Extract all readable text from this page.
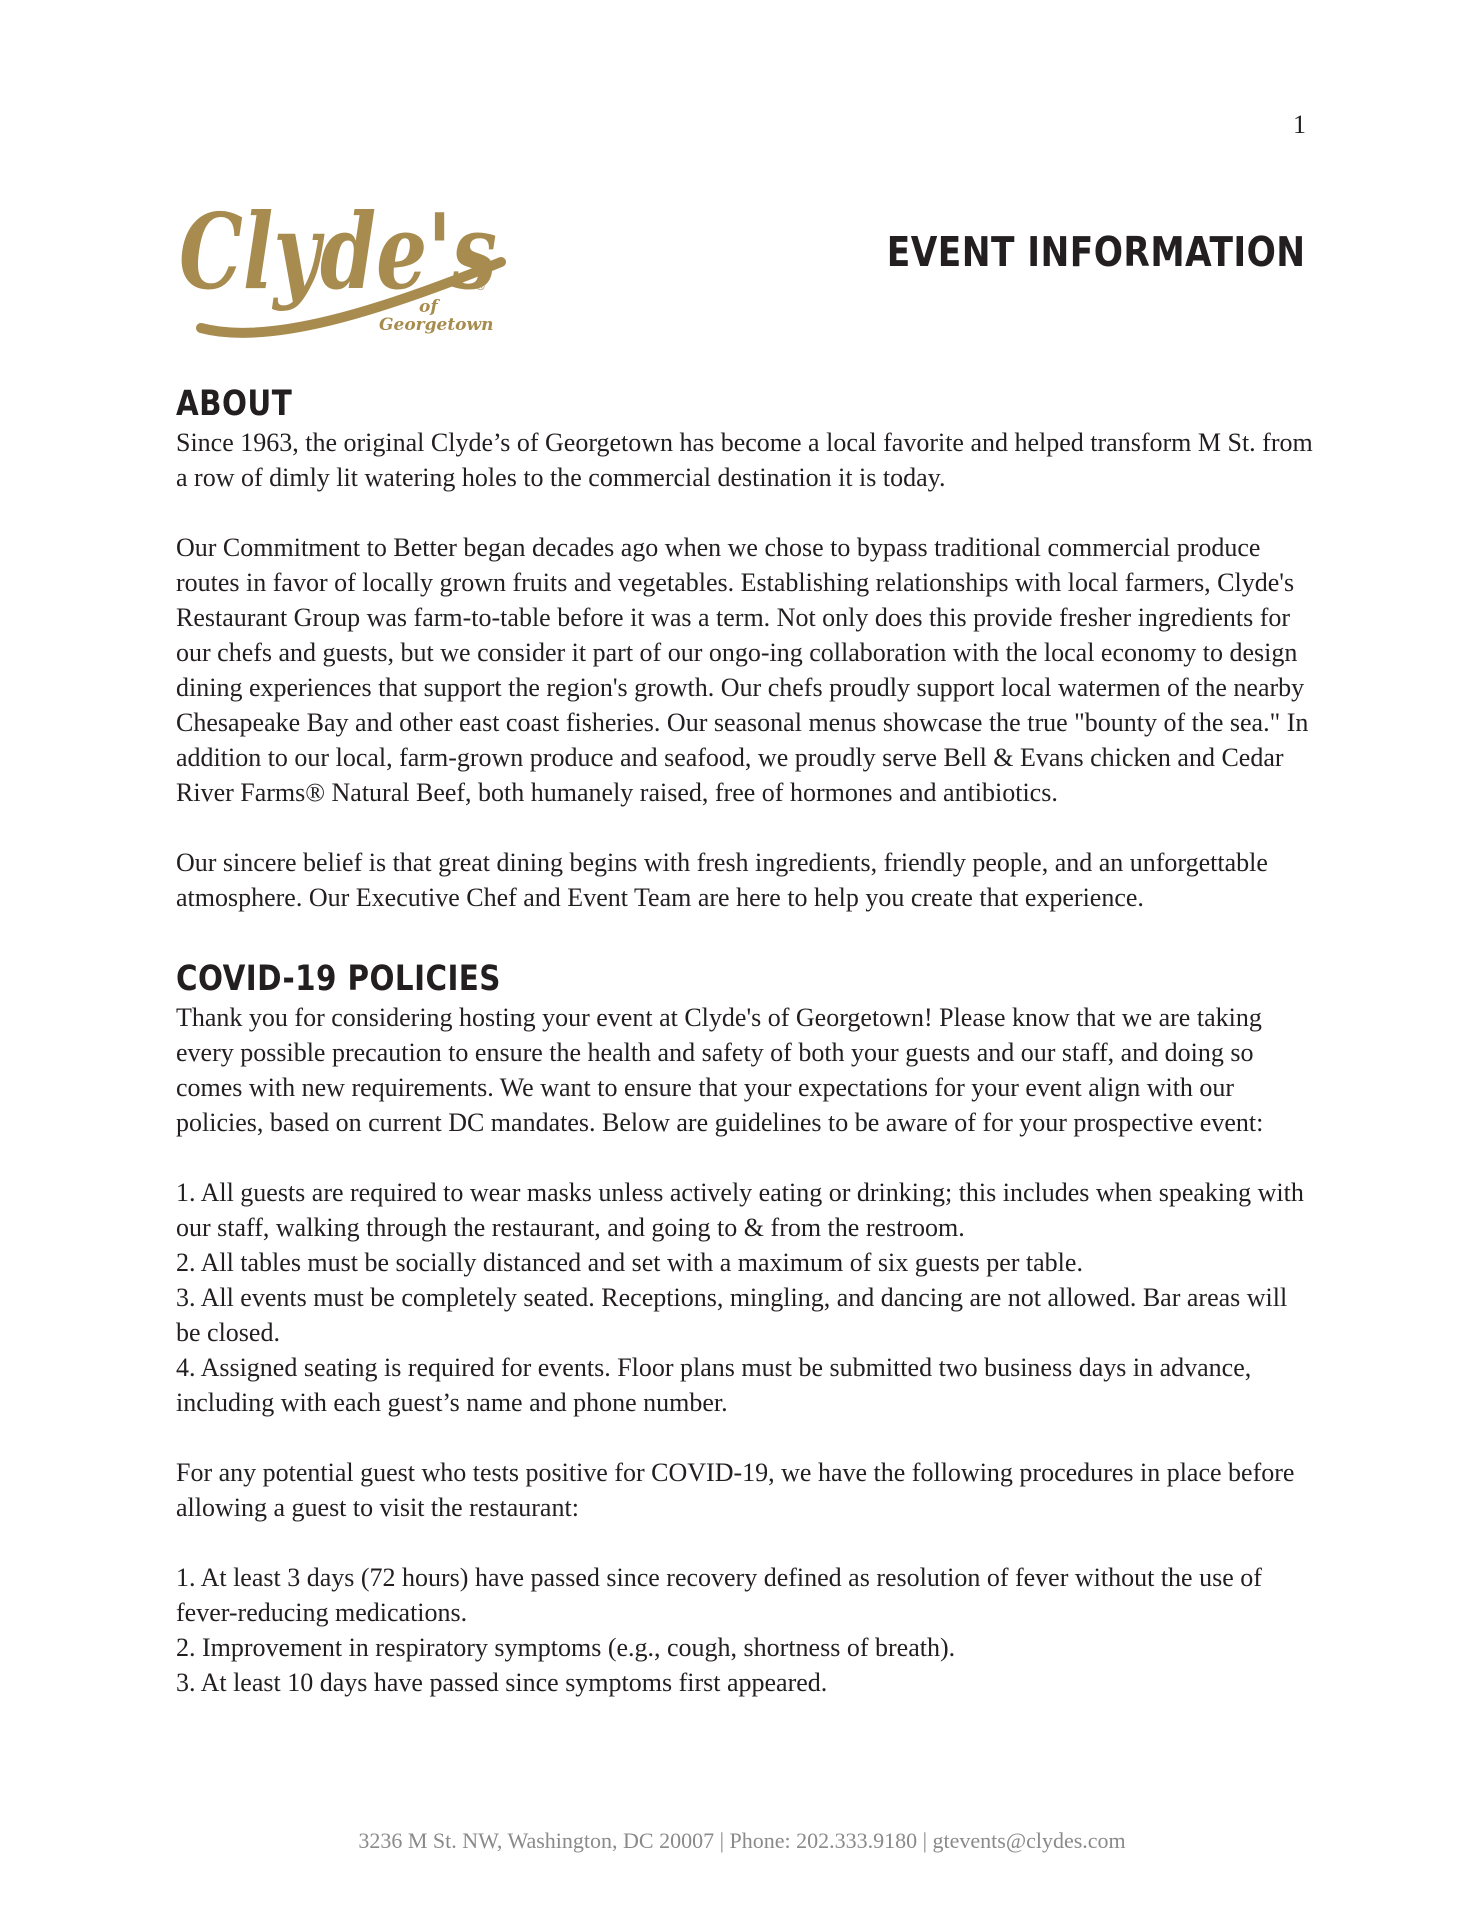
1
Clyde's
of
Georgetown
®
EVENT INFORMATION
ABOUT

Since 1963, the original Clyde’s of Georgetown has become a local favorite and helped transform M St. from a row of dimly lit watering holes to the commercial destination it is today.

Our Commitment to Better began decades ago when we chose to bypass traditional commercial produce routes in favor of locally grown fruits and vegetables. Establishing relationships with local farmers, Clyde's Restaurant Group was farm-to-table before it was a term. Not only does this provide fresher ingredients for our chefs and guests, but we consider it part of our ongo-ing collaboration with the local economy to design dining experiences that support the region's growth. Our chefs proudly support local watermen of the nearby Chesapeake Bay and other east coast fisheries. Our seasonal menus showcase the true "bounty of the sea." In addition to our local, farm-grown produce and seafood, we proudly serve Bell & Evans chicken and Cedar River Farms® Natural Beef, both humanely raised, free of hormones and antibiotics.

Our sincere belief is that great dining begins with fresh ingredients, friendly people, and an unforgettable atmosphere. Our Executive Chef and Event Team are here to help you create that experience.

COVID-19 POLICIES

Thank you for considering hosting your event at Clyde's of Georgetown! Please know that we are taking every possible precaution to ensure the health and safety of both your guests and our staff, and doing so comes with new requirements. We want to ensure that your expectations for your event align with our policies, based on current DC mandates. Below are guidelines to be aware of for your prospective event:

1. All guests are required to wear masks unless actively eating or drinking; this includes when speaking with our staff, walking through the restaurant, and going to & from the restroom.

2. All tables must be socially distanced and set with a maximum of six guests per table.

3. All events must be completely seated. Receptions, mingling, and dancing are not allowed. Bar areas will be closed.

4. Assigned seating is required for events. Floor plans must be submitted two business days in advance, including with each guest’s name and phone number.

For any potential guest who tests positive for COVID-19, we have the following procedures in place before allowing a guest to visit the restaurant:

1. At least 3 days (72 hours) have passed since recovery defined as resolution of fever without the use of fever-reducing medications.

2. Improvement in respiratory symptoms (e.g., cough, shortness of breath).

3. At least 10 days have passed since symptoms first appeared.

3236 M St. NW, Washington, DC 20007 | Phone: 202.333.9180 | gtevents@clydes.com
